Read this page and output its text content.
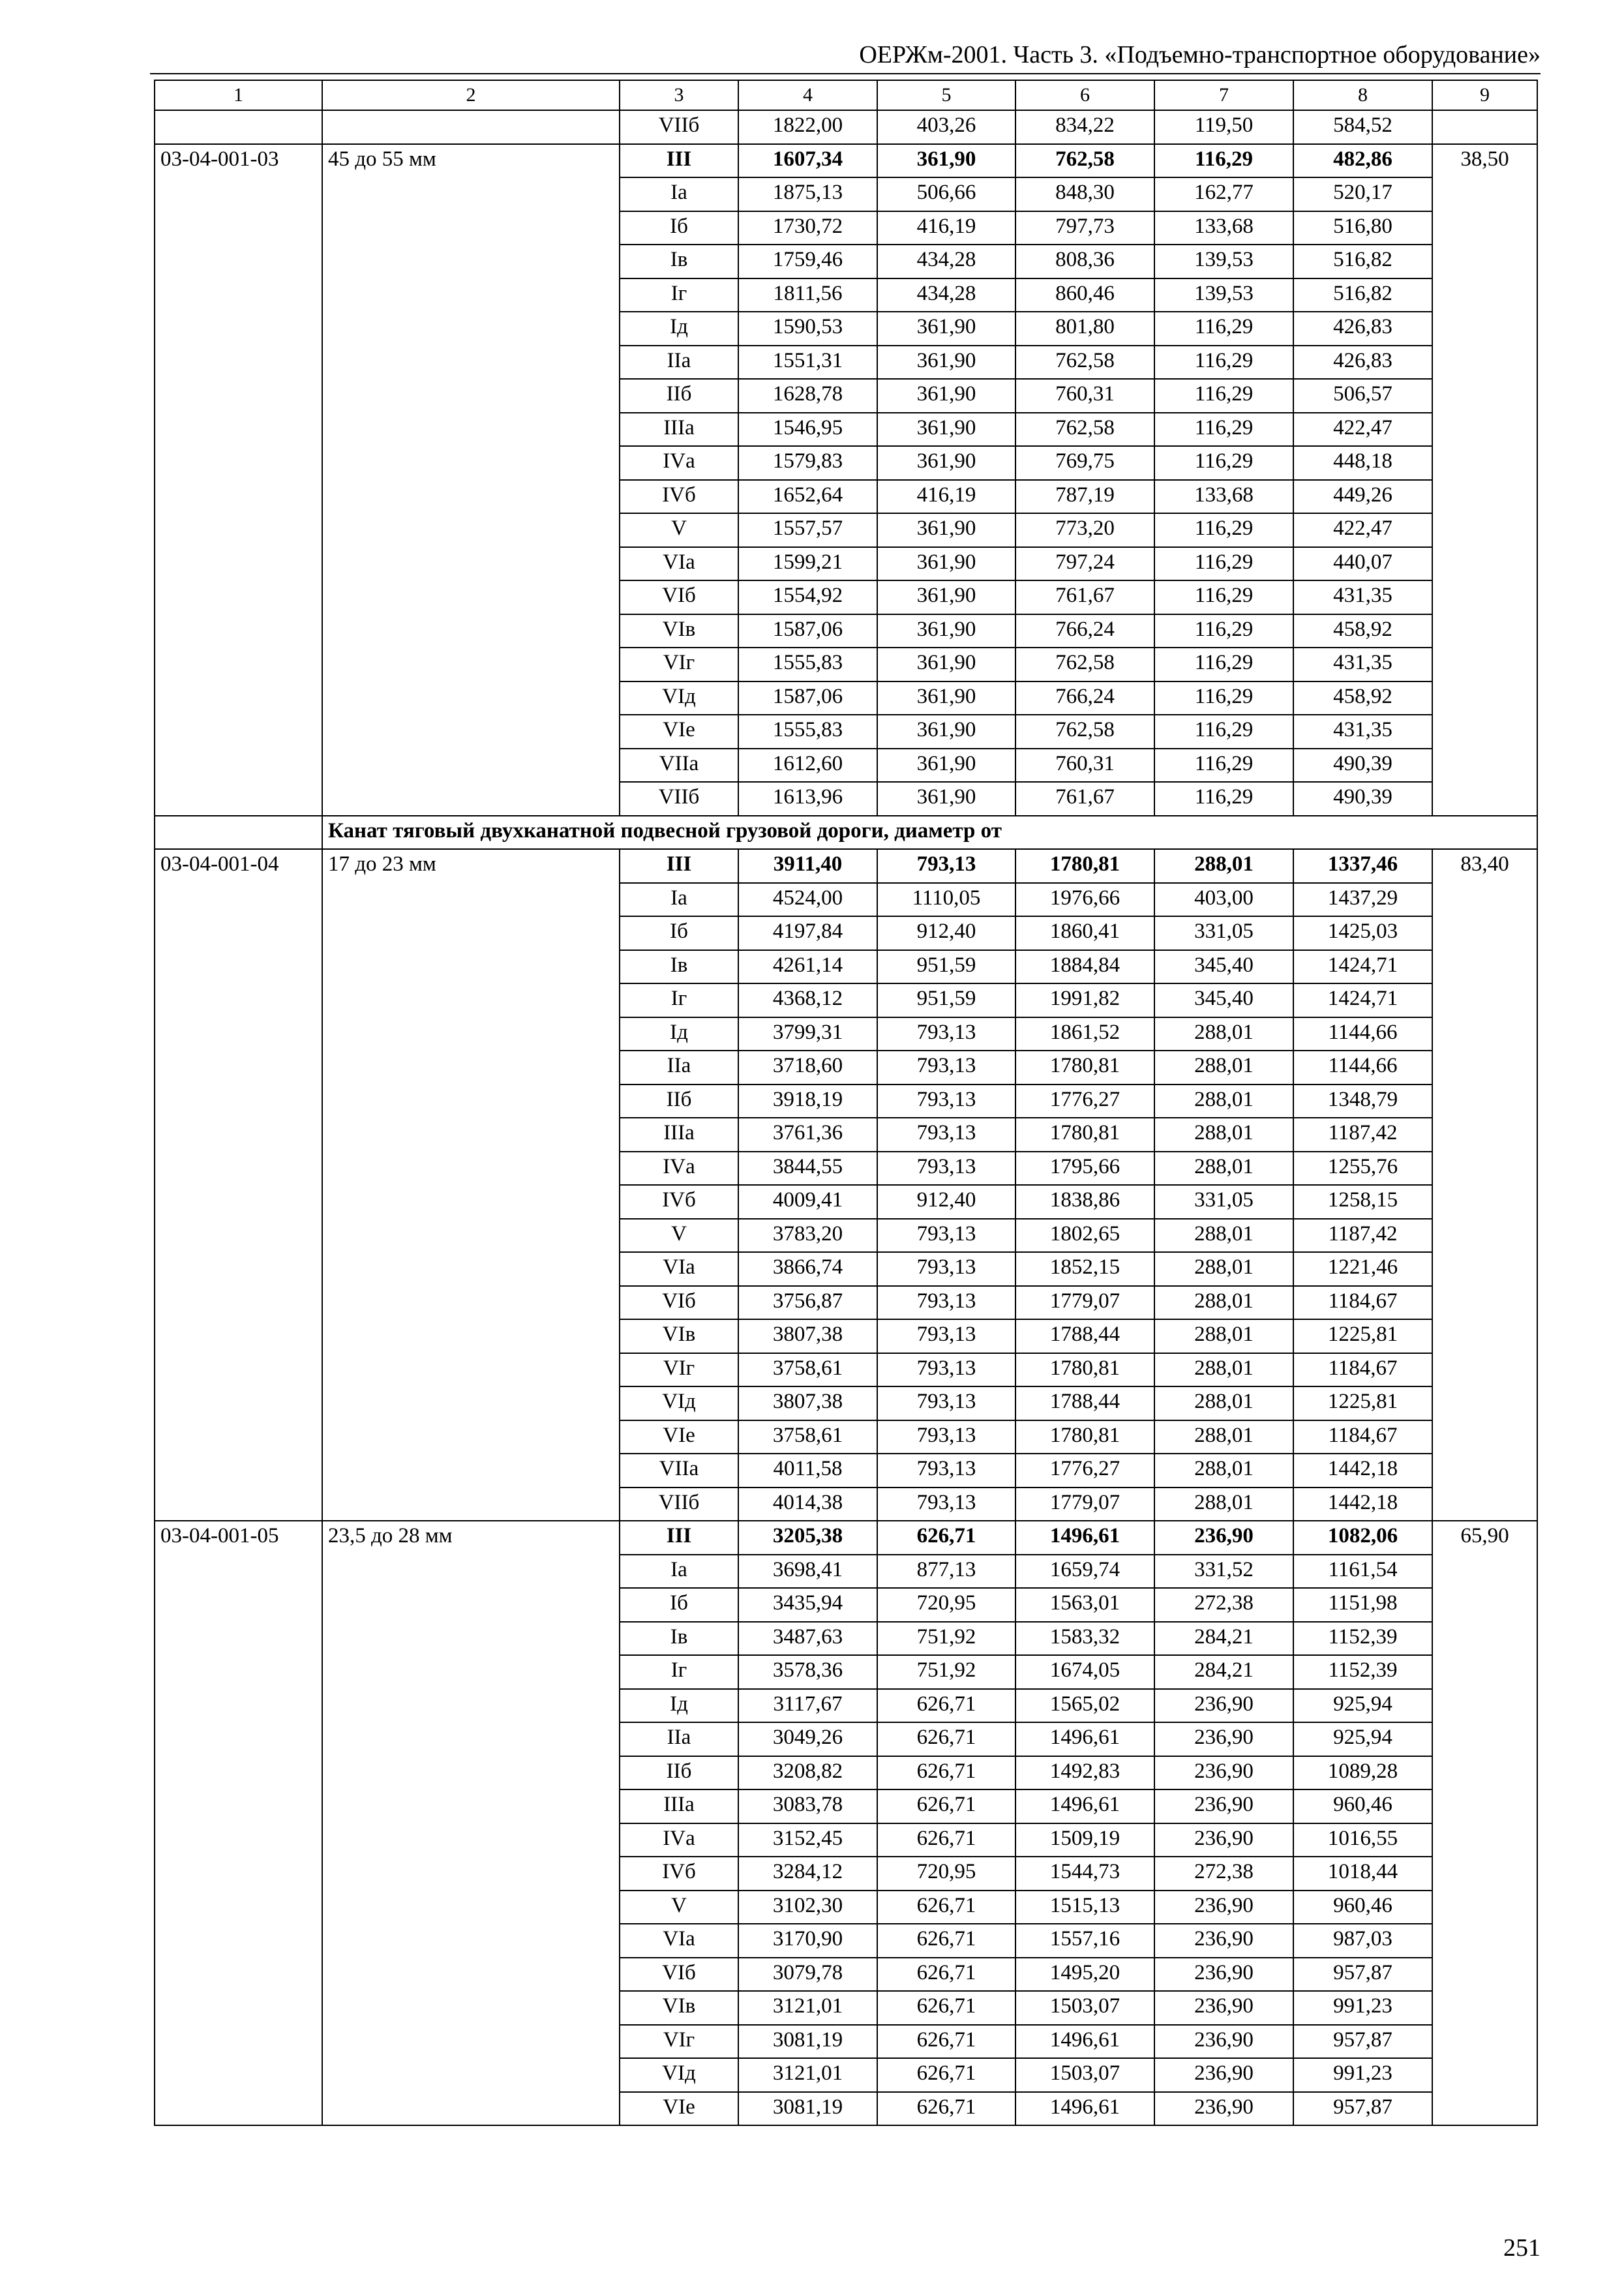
ОЕРЖм-2001. Часть 3. «Подъемно-транспортное оборудование»
1	2	3	4	5	6	7	8	9
		VIIб	1822,00	403,26	834,22	119,50	584,52	
03-04-001-03	45 до 55 мм	III	1607,34	361,90	762,58	116,29	482,86	38,50
		Iа	1875,13	506,66	848,30	162,77	520,17	
		Iб	1730,72	416,19	797,73	133,68	516,80	
		Iв	1759,46	434,28	808,36	139,53	516,82	
		Iг	1811,56	434,28	860,46	139,53	516,82	
		Iд	1590,53	361,90	801,80	116,29	426,83	
		IIа	1551,31	361,90	762,58	116,29	426,83	
		IIб	1628,78	361,90	760,31	116,29	506,57	
		IIIа	1546,95	361,90	762,58	116,29	422,47	
		IVа	1579,83	361,90	769,75	116,29	448,18	
		IVб	1652,64	416,19	787,19	133,68	449,26	
		V	1557,57	361,90	773,20	116,29	422,47	
		VIа	1599,21	361,90	797,24	116,29	440,07	
		VIб	1554,92	361,90	761,67	116,29	431,35	
		VIв	1587,06	361,90	766,24	116,29	458,92	
		VIг	1555,83	361,90	762,58	116,29	431,35	
		VIд	1587,06	361,90	766,24	116,29	458,92	
		VIе	1555,83	361,90	762,58	116,29	431,35	
		VIIа	1612,60	361,90	760,31	116,29	490,39	
		VIIб	1613,96	361,90	761,67	116,29	490,39	
	Канат тяговый двухканатной подвесной грузовой дороги, диаметр от							
03-04-001-04	17 до 23 мм	III	3911,40	793,13	1780,81	288,01	1337,46	83,40
		Iа	4524,00	1110,05	1976,66	403,00	1437,29	
		Iб	4197,84	912,40	1860,41	331,05	1425,03	
		Iв	4261,14	951,59	1884,84	345,40	1424,71	
		Iг	4368,12	951,59	1991,82	345,40	1424,71	
		Iд	3799,31	793,13	1861,52	288,01	1144,66	
		IIа	3718,60	793,13	1780,81	288,01	1144,66	
		IIб	3918,19	793,13	1776,27	288,01	1348,79	
		IIIа	3761,36	793,13	1780,81	288,01	1187,42	
		IVа	3844,55	793,13	1795,66	288,01	1255,76	
		IVб	4009,41	912,40	1838,86	331,05	1258,15	
		V	3783,20	793,13	1802,65	288,01	1187,42	
		VIа	3866,74	793,13	1852,15	288,01	1221,46	
		VIб	3756,87	793,13	1779,07	288,01	1184,67	
		VIв	3807,38	793,13	1788,44	288,01	1225,81	
		VIг	3758,61	793,13	1780,81	288,01	1184,67	
		VIд	3807,38	793,13	1788,44	288,01	1225,81	
		VIе	3758,61	793,13	1780,81	288,01	1184,67	
		VIIа	4011,58	793,13	1776,27	288,01	1442,18	
		VIIб	4014,38	793,13	1779,07	288,01	1442,18	
03-04-001-05	23,5 до 28 мм	III	3205,38	626,71	1496,61	236,90	1082,06	65,90
		Iа	3698,41	877,13	1659,74	331,52	1161,54	
		Iб	3435,94	720,95	1563,01	272,38	1151,98	
		Iв	3487,63	751,92	1583,32	284,21	1152,39	
		Iг	3578,36	751,92	1674,05	284,21	1152,39	
		Iд	3117,67	626,71	1565,02	236,90	925,94	
		IIа	3049,26	626,71	1496,61	236,90	925,94	
		IIб	3208,82	626,71	1492,83	236,90	1089,28	
		IIIа	3083,78	626,71	1496,61	236,90	960,46	
		IVа	3152,45	626,71	1509,19	236,90	1016,55	
		IVб	3284,12	720,95	1544,73	272,38	1018,44	
		V	3102,30	626,71	1515,13	236,90	960,46	
		VIа	3170,90	626,71	1557,16	236,90	987,03	
		VIб	3079,78	626,71	1495,20	236,90	957,87	
		VIв	3121,01	626,71	1503,07	236,90	991,23	
		VIг	3081,19	626,71	1496,61	236,90	957,87	
		VIд	3121,01	626,71	1503,07	236,90	991,23	
		VIе	3081,19	626,71	1496,61	236,90	957,87	
251
